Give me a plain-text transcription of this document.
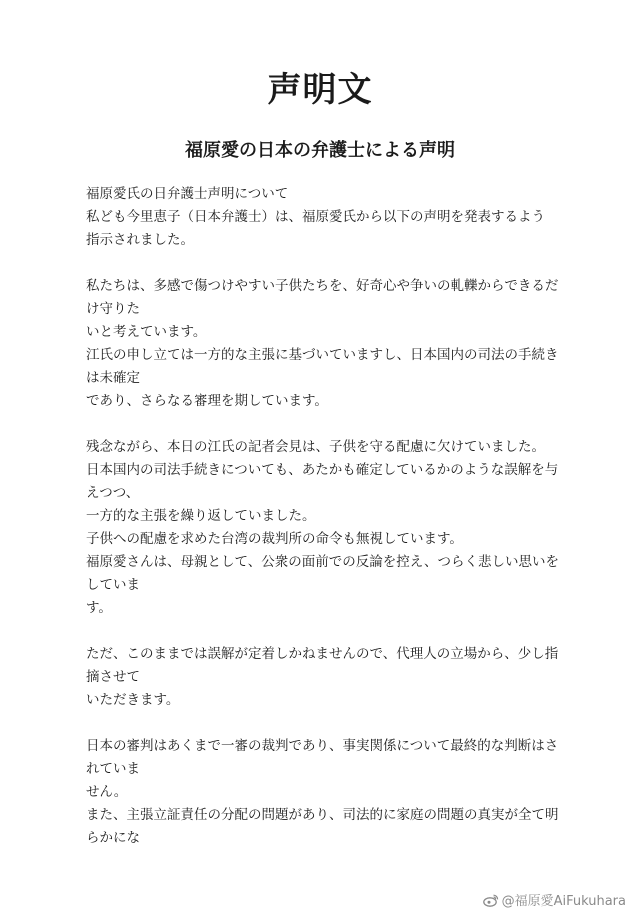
声明文
福原愛の日本の弁護士による声明
福原愛氏の日弁護士声明について
私ども今里恵子（日本弁護士）は、福原愛氏から以下の声明を発表するよう
指示されました。
私たちは、多感で傷つけやすい子供たちを、好奇心や争いの軋轢からできるだ
け守りた
いと考えています。
江氏の申し立ては一方的な主張に基づいていますし、日本国内の司法の手続き
は未確定
であり、さらなる審理を期しています。
残念ながら、本日の江氏の記者会見は、子供を守る配慮に欠けていました。
日本国内の司法手続きについても、あたかも確定しているかのような誤解を与
えつつ、
一方的な主張を繰り返していました。
子供への配慮を求めた台湾の裁判所の命令も無視しています。
福原愛さんは、母親として、公衆の面前での反論を控え、つらく悲しい思いを
していま
す。
ただ、このままでは誤解が定着しかねませんので、代理人の立場から、少し指
摘させて
いただきます。
日本の審判はあくまで一審の裁判であり、事実関係について最終的な判断はさ
れていま
せん。
また、主張立証責任の分配の問題があり、司法的に家庭の問題の真実が全て明
らかにな
@福原愛AiFukuhara
